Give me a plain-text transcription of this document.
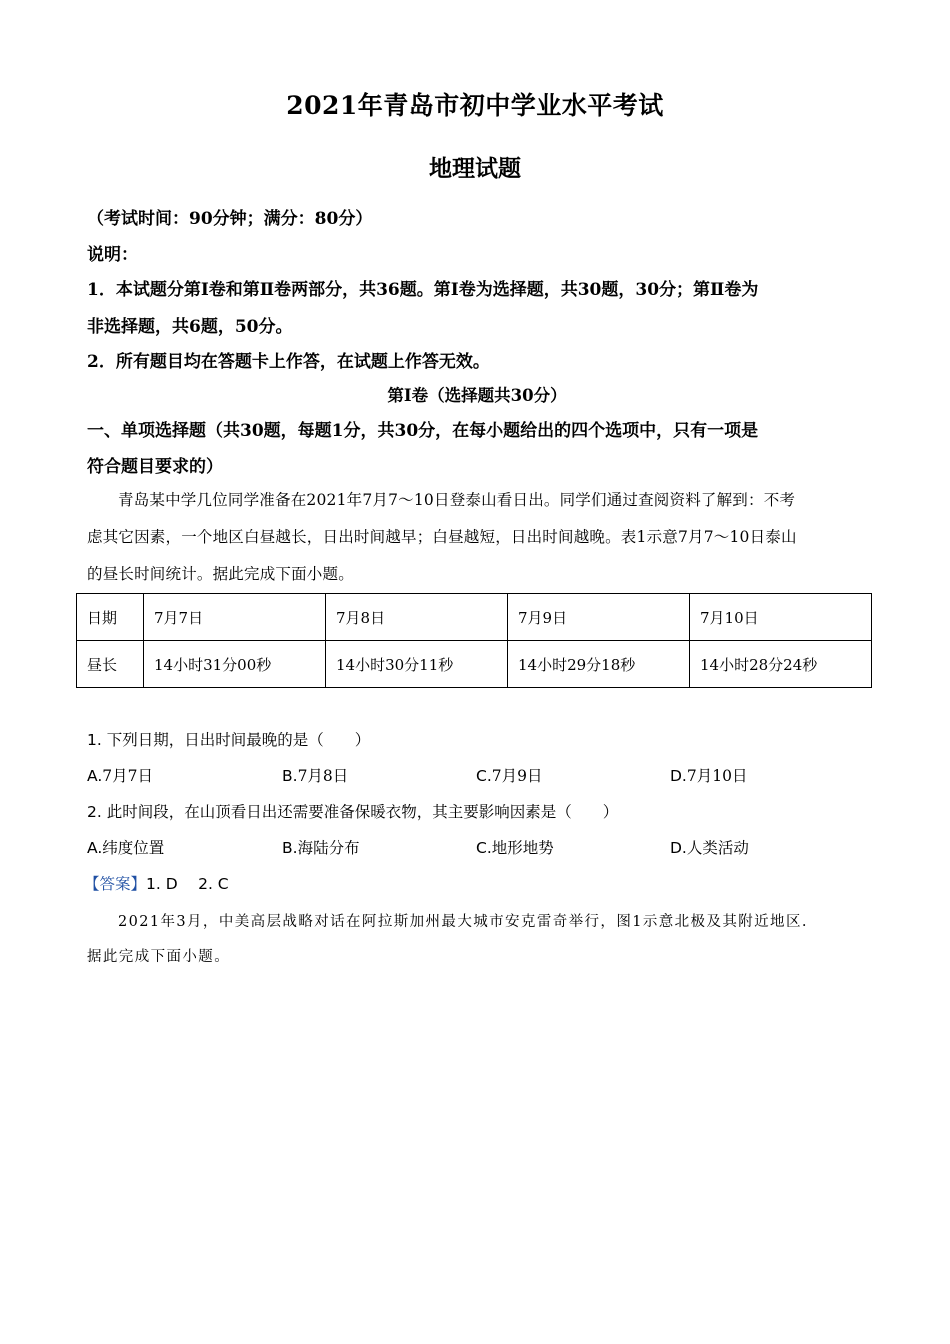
2021年青岛市初中学业水平考试
地理试题
（考试时间：90分钟；满分：80分）
说明：
1．本试题分第Ⅰ卷和第Ⅱ卷两部分，共36题。第Ⅰ卷为选择题，共30题，30分；第Ⅱ卷为
非选择题，共6题，50分。
2．所有题目均在答题卡上作答，在试题上作答无效。
第Ⅰ卷（选择题共30分）
一、单项选择题（共30题，每题1分，共30分，在每小题给出的四个选项中，只有一项是
符合题目要求的）
青岛某中学几位同学准备在2021年7月7～10日登泰山看日出。同学们通过查阅资料了解到：不考
虑其它因素，一个地区白昼越长，日出时间越早；白昼越短，日出时间越晚。表1示意7月7～10日泰山
的昼长时间统计。据此完成下面小题。
日期	7月7日	7月8日	7月9日	7月10日
昼长	14小时31分00秒	14小时30分11秒	14小时29分18秒	14小时28分24秒
1. 下列日期，日出时间最晚的是（　　）
A.7月7日	B.7月8日	C.7月9日	D.7月10日
2. 此时间段，在山顶看日出还需要准备保暖衣物，其主要影响因素是（　　）
A.纬度位置	B.海陆分布	C.地形地势	D.人类活动
【答案】1. D　 2. C
2021年3月，中美高层战略对话在阿拉斯加州最大城市安克雷奇举行，图1示意北极及其附近地区.
据此完成下面小题。
